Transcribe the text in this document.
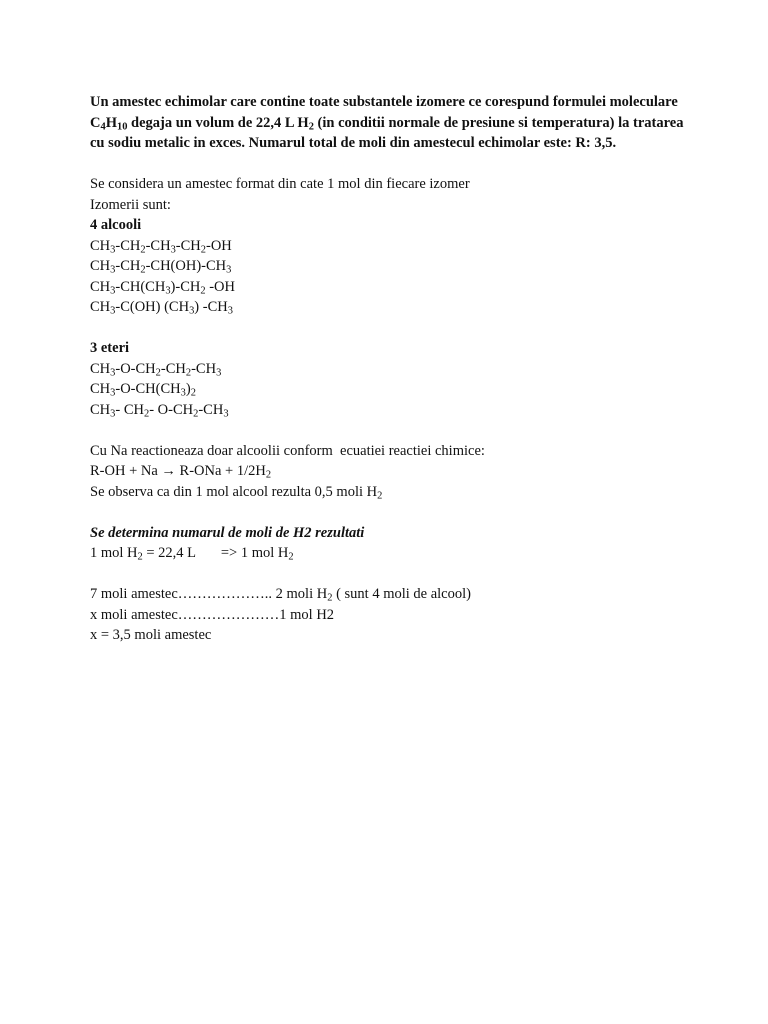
Un amestec echimolar care contine toate substantele izomere ce corespund formulei moleculare $C_4H_{10}$ degaja un volum de 22,4 L $H_2$ (in conditii normale de presiune si temperatura) la tratarea cu sodiu metalic in exces. Numarul total de moli din amestecul echimolar este: R: 3,5.
Se considera un amestec format din cate 1 mol din fiecare izomer
Izomerii sunt:
4 alcooli
$CH_3-CH_2-CH_3-CH_2-OH$
$CH_3-CH_2-CH(OH)-CH_3$
$CH_3-CH(CH_3)-CH_2$ -OH
$CH_3-C(OH)$ $(CH_3)$ $-CH_3$
3 eteri
$CH_3-O-CH_2-CH_2-CH_3$
$CH_3-O-CH(CH_3)_2$
$CH_3-$ $CH_2-$ $O-CH_2-CH_3$
Cu Na reactioneaza doar alcoolii conform  ecuatiei reactiei chimice:
$R-OH + Na \to R-ONa + 1/2H_2$
Se observa ca din 1 mol alcool rezulta 0,5 moli $H_2$
Se determina numarul de moli de H2 rezultati
1 mol $H_2 = 22,4$ L       => 1 mol $H_2$
7 moli amestec……………….. 2 moli $H_2$ ( sunt 4 moli de alcool)
x moli amestec…………………1 mol H2
x = 3,5 moli amestec
